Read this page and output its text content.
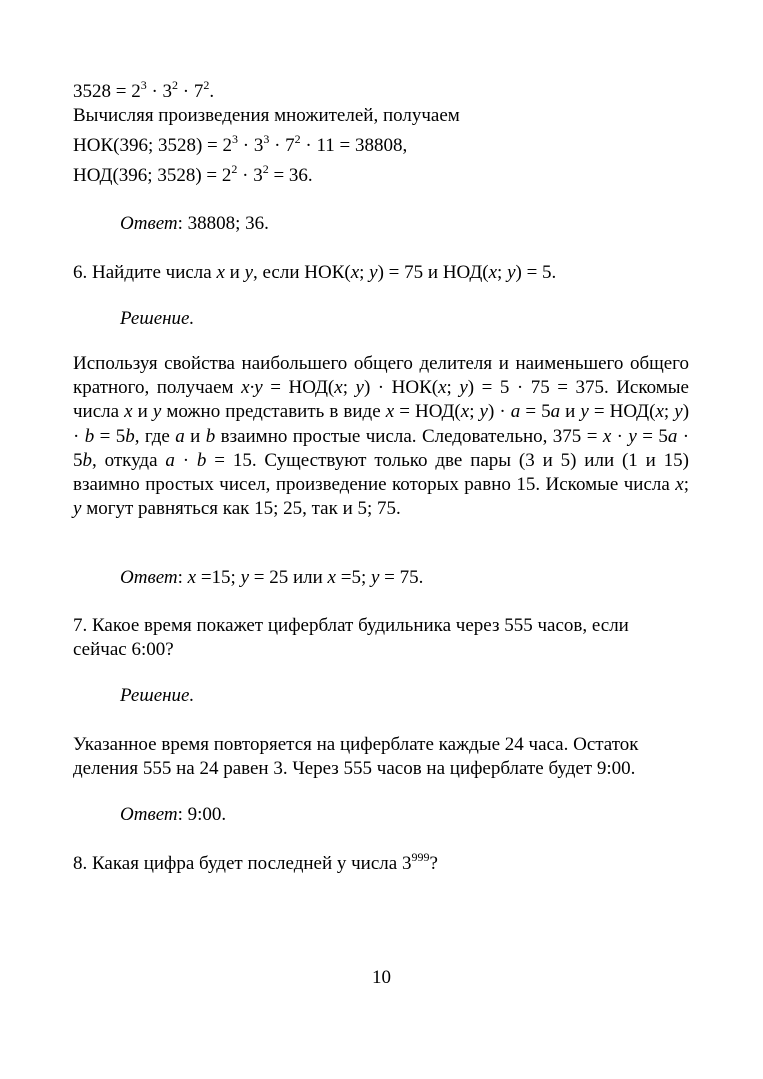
$3528 = 2^3 \cdot 3^2 \cdot 7^2$.
Вычисляя произведения множителей, получаем
НОК(396; $3528) = 2^3 \cdot 3^3 \cdot 7^2 \cdot 11 = 38808$,
НОД(396; $3528) = 2^2 \cdot 3^2 = 36$.
Ответ: 38808; 36.
6. Найдите числа x и y, если НОК(x; y) = 75 и НОД(x; y) = 5.
Решение.
Используя свойства наибольшего общего делителя и наименьшего общего кратного, получаем x·y = НОД(x; y) · НОК(x; y) = 5 · 75 = 375. Искомые числа x и y можно представить в виде x = НОД(x; y) · a = 5a и y = НОД(x; y) · b = 5b, где a и b взаимно простые числа. Следовательно, 375 = x · y = 5a · 5b, откуда a · b = 15. Существуют только две пары (3 и 5) или (1 и 15) взаимно простых чисел, произведение которых равно 15. Искомые числа x; y могут равняться как 15; 25, так и 5; 75.
Ответ: x =15; y = 25 или x =5; y = 75.
7. Какое время покажет циферблат будильника через 555 часов, если
сейчас 6:00?
Решение.
Указанное время повторяется на циферблате каждые 24 часа. Остаток
деления 555 на 24 равен 3. Через 555 часов на циферблате будет 9:00.
Ответ: 9:00.
8. Какая цифра будет последней у числа $3^{999}$?
10
